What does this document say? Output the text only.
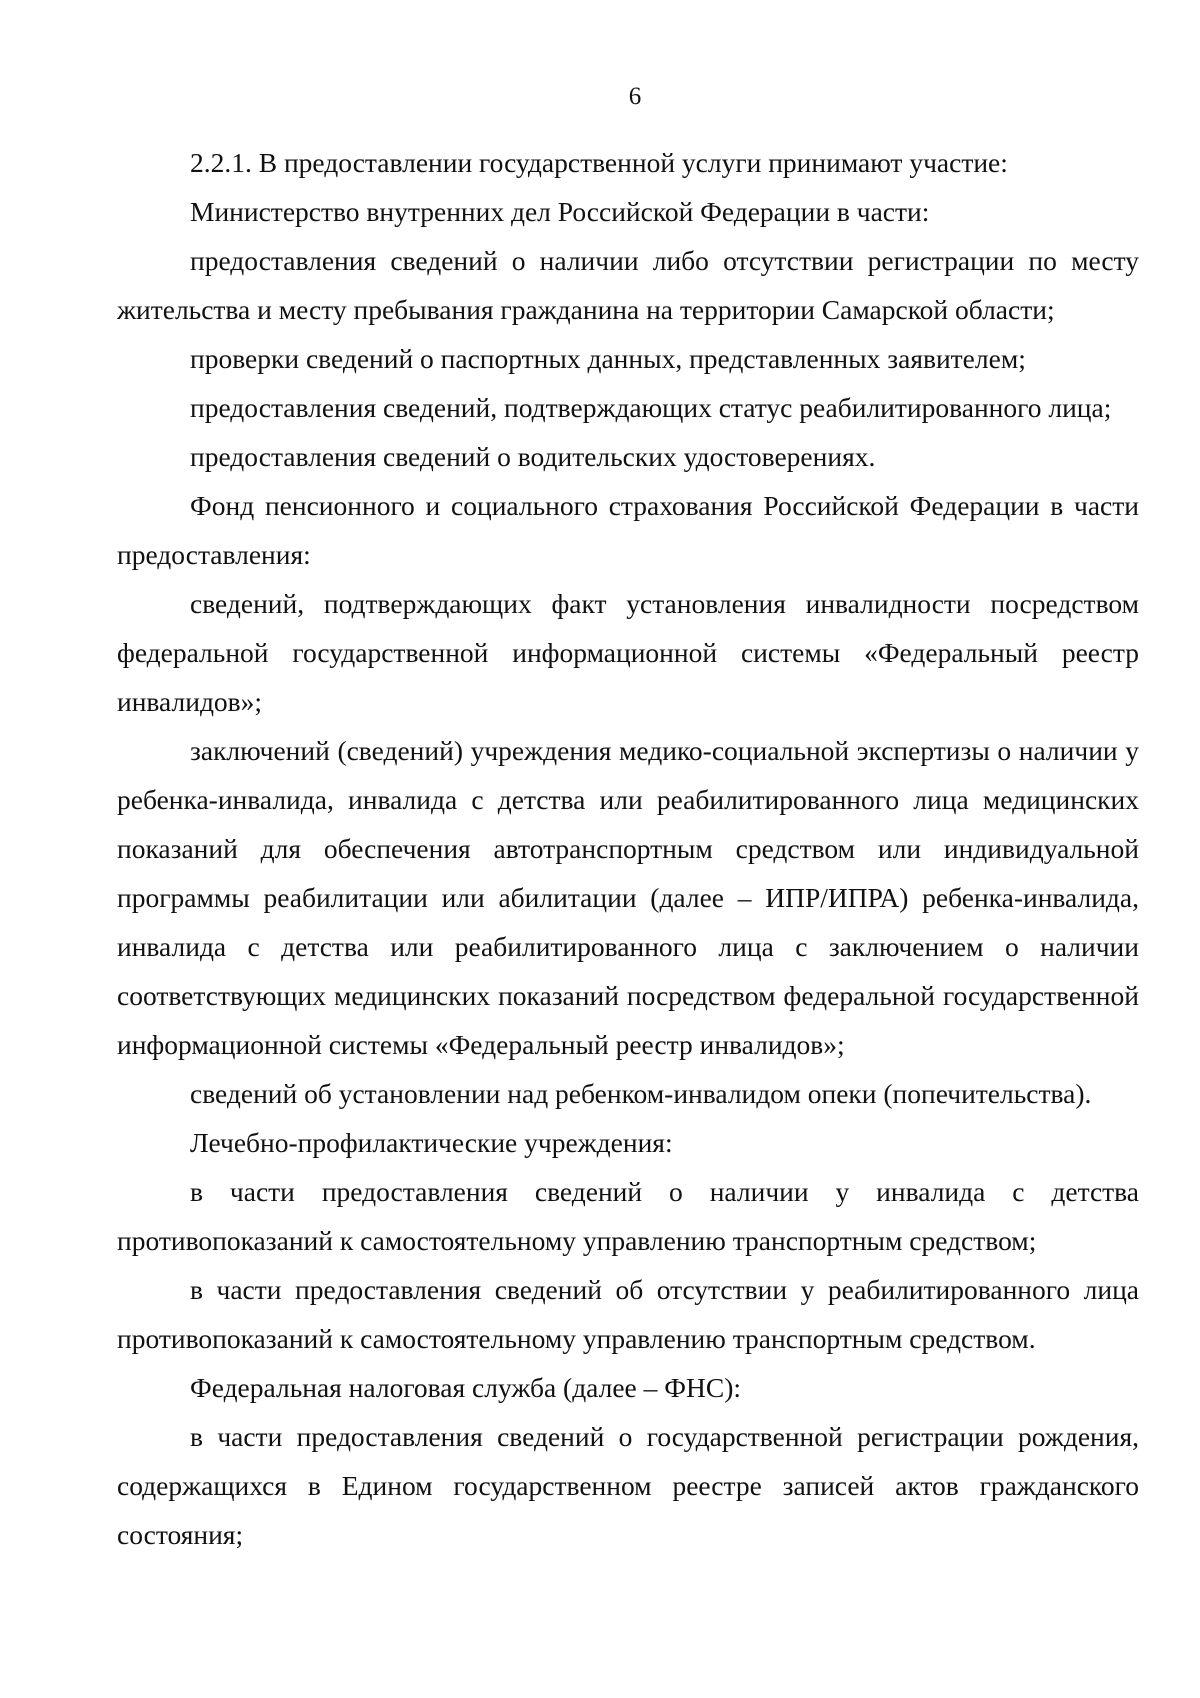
6

2.2.1. В предоставлении государственной услуги принимают участие:

Министерство внутренних дел Российской Федерации в части:

предоставления сведений о наличии либо отсутствии регистрации по месту жительства и месту пребывания гражданина на территории Самарской области;

проверки сведений о паспортных данных, представленных заявителем;

предоставления сведений, подтверждающих статус реабилитированного лица;

предоставления сведений о водительских удостоверениях.

Фонд пенсионного и социального страхования Российской Федерации в части предоставления:

сведений, подтверждающих факт установления инвалидности посредством федеральной государственной информационной системы «Федеральный реестр инвалидов»;

заключений (сведений) учреждения медико-социальной экспертизы о наличии у ребенка-инвалида, инвалида с детства или реабилитированного лица медицинских показаний для обеспечения автотранспортным средством или индивидуальной программы реабилитации или абилитации (далее – ИПР/ИПРА) ребенка-инвалида, инвалида с детства или реабилитированного лица с заключением о наличии соответствующих медицинских показаний посредством федеральной государственной информационной системы «Федеральный реестр инвалидов»;

сведений об установлении над ребенком-инвалидом опеки (попечительства).

Лечебно-профилактические учреждения:

в части предоставления сведений о наличии у инвалида с детства противопоказаний к самостоятельному управлению транспортным средством;

в части предоставления сведений об отсутствии у реабилитированного лица противопоказаний к самостоятельному управлению транспортным средством.

Федеральная налоговая служба (далее – ФНС):

в части предоставления сведений о государственной регистрации рождения, содержащихся в Едином государственном реестре записей актов гражданского состояния;
